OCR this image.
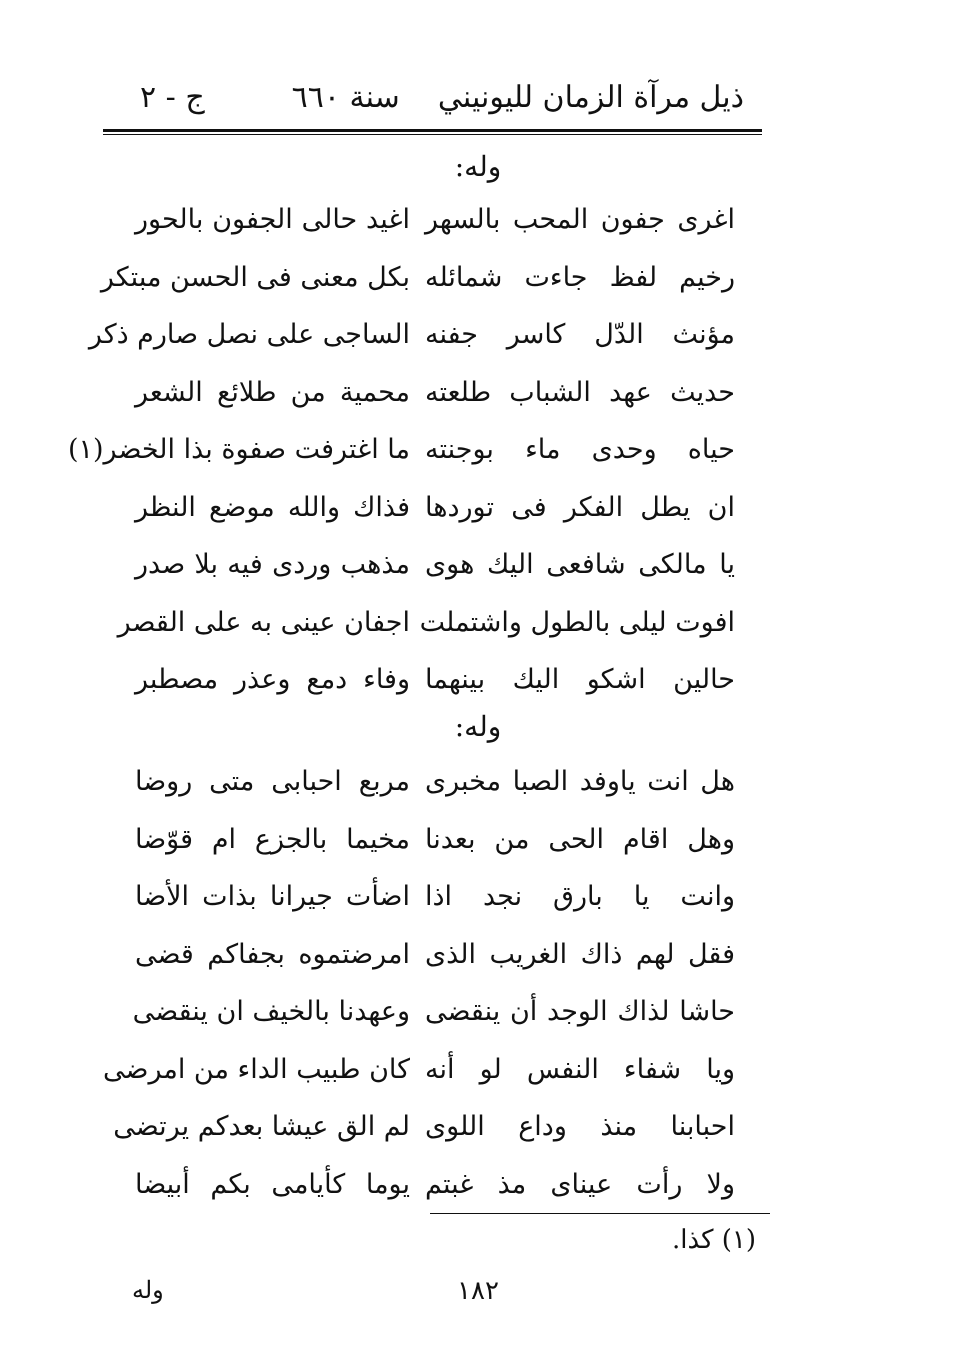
ذيل مرآة الزمان لليونيني    سنة ٦٦٠
ج - ٢
وله:
اغرى جفون المحب بالسهر
اغيد حالى الجفون بالحور
رخيم لفظ جاءت شمائله
بكل معنى فى الحسن مبتكر
مؤنث الدّل كاسر جفنه
الساجى على نصل صارم ذكر
حديث عهد الشباب طلعته
محمية من طلائع الشعر
حياه وحدى ماء بوجنته
ما اغترفت صفوة بذا الخضر(١)
ان يطل الفكر فى توردها
فذاك والله موضع النظر
يا مالكى شافعى اليك هوى
مذهب وردى فيه بلا صدر
افوت ليلى بالطول واشتملت
اجفان عينى به على القصر
حالين اشكو اليك بينهما
وفاء دمع وعذر مصطبر
وله:
هل انت ياوفد الصبا مخبرى
مربع احبابى متى روضا
وهل اقام الحى من بعدنا
مخيما بالجزع ام قوّضا
وانت يا بارق نجد اذا
اضأت جيرانا بذات الأضا
فقل لهم ذاك الغريب الذى
امرضتموه بجفاكم قضى
حاشا لذاك الوجد أن ينقضى
وعهدنا بالخيف ان ينقضى
ويا شفاء النفس لو أنه
كان طبيب الداء من امرضى
احبابنا منذ وداع اللوى
لم الق عيشا بعدكم يرتضى
ولا رأت عيناى مذ غبتم
يوما كأيامى بكم أبيضا
(١) كذا.
١٨٢
وله
